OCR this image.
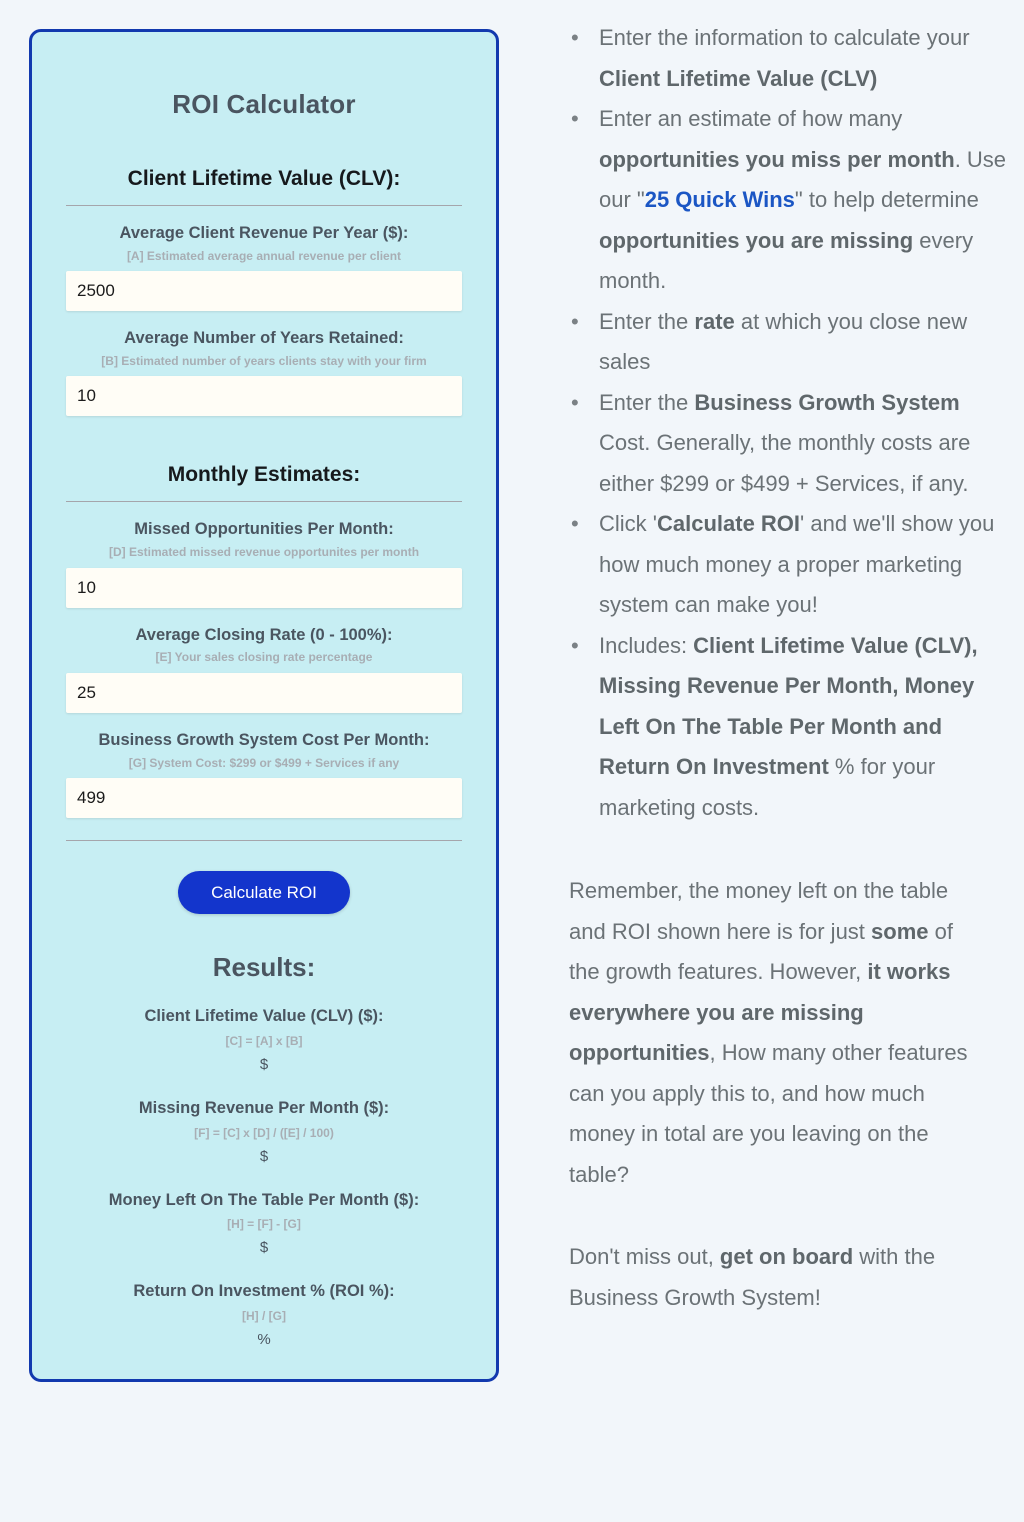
ROI Calculator
Client Lifetime Value (CLV):
Average Client Revenue Per Year ($):
[A] Estimated average annual revenue per client
2500
Average Number of Years Retained:
[B] Estimated number of years clients stay with your firm
10
Monthly Estimates:
Missed Opportunities Per Month:
[D] Estimated missed revenue opportunites per month
10
Average Closing Rate (0 - 100%):
[E] Your sales closing rate percentage
25
Business Growth System Cost Per Month:
[G] System Cost: $299 or $499 + Services if any
499
Calculate ROI
Results:
Client Lifetime Value (CLV) ($):
[C] = [A] x [B]
$
Missing Revenue Per Month ($):
[F] = [C] x [D] / ([E] / 100)
$
Money Left On The Table Per Month ($):
[H] = [F] - [G]
$
Return On Investment % (ROI %):
[H] / [G]
%
• Enter the information to calculate your Client Lifetime Value (CLV)
• Enter an estimate of how many opportunities you miss per month. Use our "25 Quick Wins" to help determine opportunities you are missing every month.
• Enter the rate at which you close new sales
• Enter the Business Growth System Cost. Generally, the monthly costs are either $299 or $499 + Services, if any.
• Click 'Calculate ROI' and we'll show you how much money a proper marketing system can make you!
• Includes: Client Lifetime Value (CLV), Missing Revenue Per Month, Money Left On The Table Per Month and Return On Investment % for your marketing costs.

Remember, the money left on the table and ROI shown here is for just some of the growth features. However, it works everywhere you are missing opportunities, How many other features can you apply this to, and how much money in total are you leaving on the table?

Don't miss out, get on board with the Business Growth System!
